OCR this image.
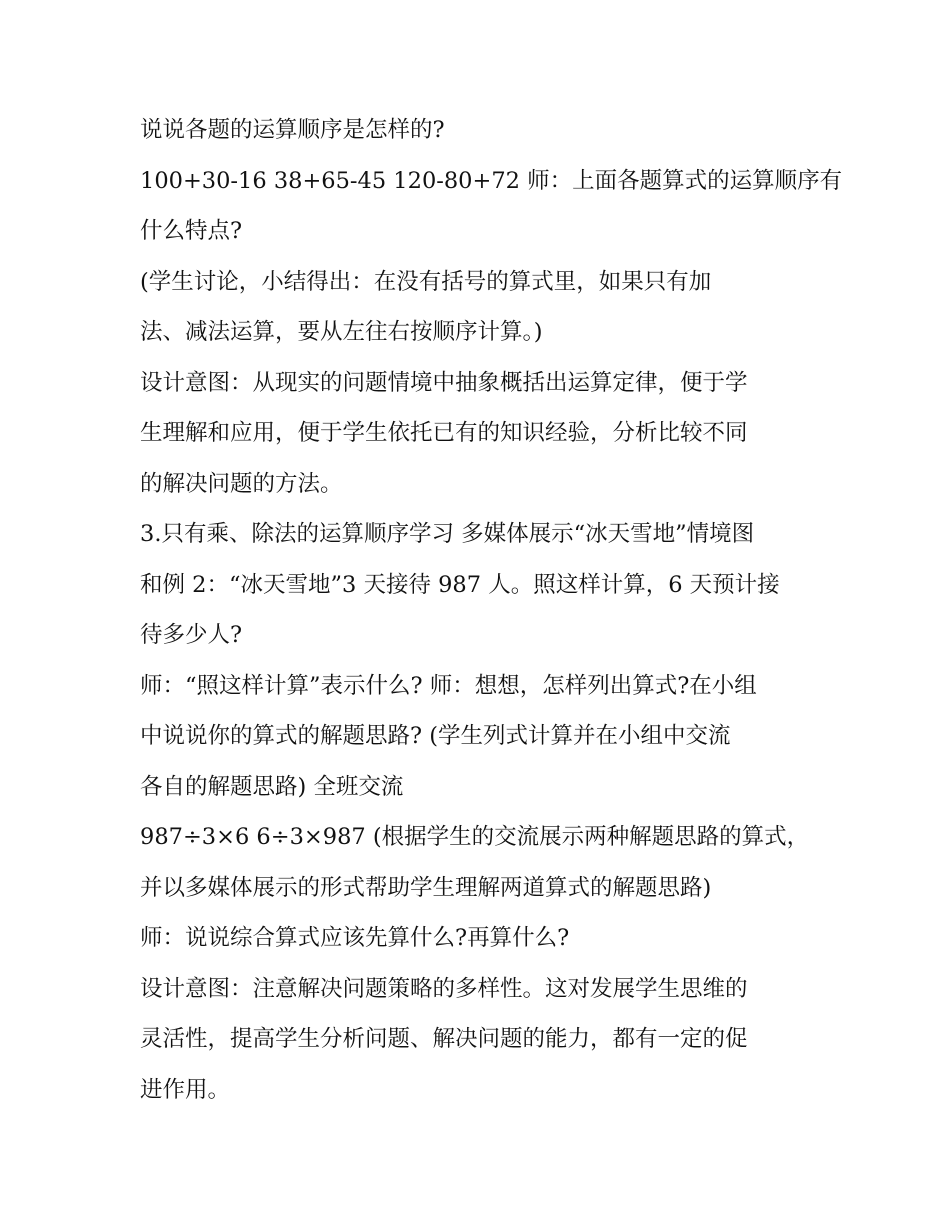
说说各题的运算顺序是怎样的?
100+30-16 38+65-45 120-80+72 师：上面各题算式的运算顺序有
什么特点?
(学生讨论，小结得出：在没有括号的算式里，如果只有加
法、减法运算，要从左往右按顺序计算。)
设计意图：从现实的问题情境中抽象概括出运算定律，便于学
生理解和应用，便于学生依托已有的知识经验，分析比较不同
的解决问题的方法。
3.只有乘、除法的运算顺序学习 多媒体展示“冰天雪地”情境图
和例 2：“冰天雪地”3 天接待 987 人。照这样计算，6 天预计接
待多少人?
师：“照这样计算”表示什么? 师：想想，怎样列出算式?在小组
中说说你的算式的解题思路? (学生列式计算并在小组中交流
各自的解题思路) 全班交流
987÷3×6 6÷3×987 (根据学生的交流展示两种解题思路的算式，
并以多媒体展示的形式帮助学生理解两道算式的解题思路)
师：说说综合算式应该先算什么?再算什么?
设计意图：注意解决问题策略的多样性。这对发展学生思维的
灵活性，提高学生分析问题、解决问题的能力，都有一定的促
进作用。
